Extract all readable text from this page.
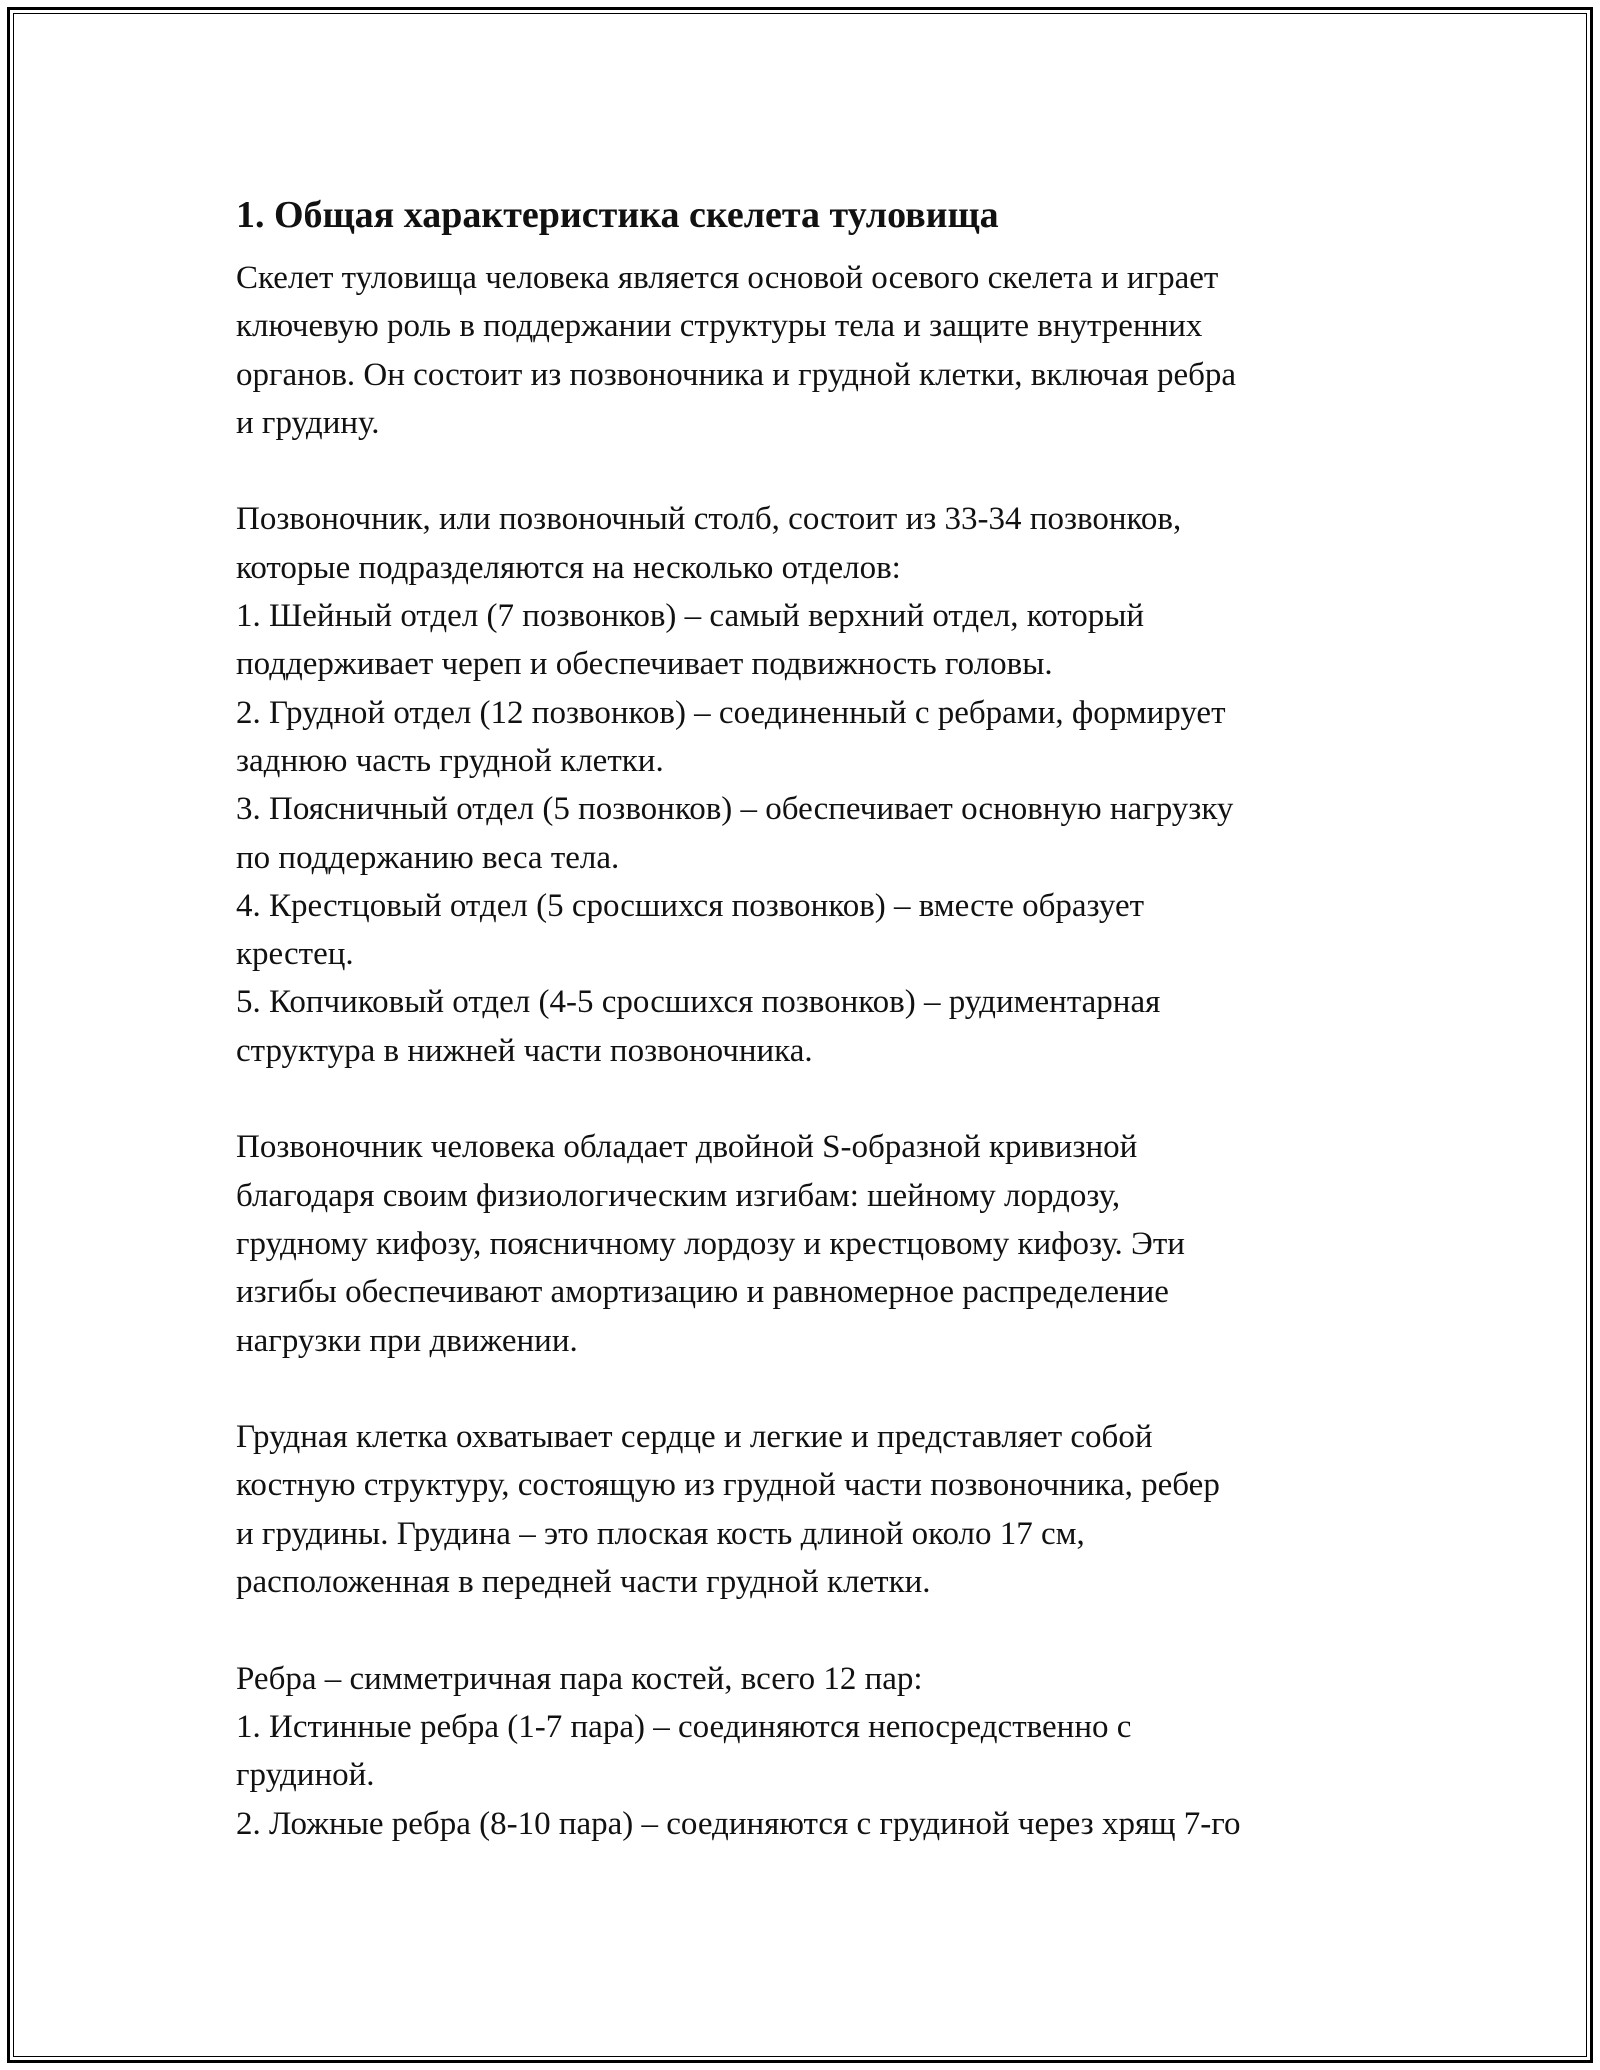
1. Общая характеристика скелета туловища
Скелет туловища человека является основой осевого скелета и играет
ключевую роль в поддержании структуры тела и защите внутренних
органов. Он состоит из позвоночника и грудной клетки, включая ребра
и грудину.
Позвоночник, или позвоночный столб, состоит из 33-34 позвонков,
которые подразделяются на несколько отделов:
1. Шейный отдел (7 позвонков) – самый верхний отдел, который
поддерживает череп и обеспечивает подвижность головы.
2. Грудной отдел (12 позвонков) – соединенный с ребрами, формирует
заднюю часть грудной клетки.
3. Поясничный отдел (5 позвонков) – обеспечивает основную нагрузку
по поддержанию веса тела.
4. Крестцовый отдел (5 сросшихся позвонков) – вместе образует
крестец.
5. Копчиковый отдел (4-5 сросшихся позвонков) – рудиментарная
структура в нижней части позвоночника.
Позвоночник человека обладает двойной S-образной кривизной
благодаря своим физиологическим изгибам: шейному лордозу,
грудному кифозу, поясничному лордозу и крестцовому кифозу. Эти
изгибы обеспечивают амортизацию и равномерное распределение
нагрузки при движении.
Грудная клетка охватывает сердце и легкие и представляет собой
костную структуру, состоящую из грудной части позвоночника, ребер
и грудины. Грудина – это плоская кость длиной около 17 см,
расположенная в передней части грудной клетки.
Ребра – симметричная пара костей, всего 12 пар:
1. Истинные ребра (1-7 пара) – соединяются непосредственно с
грудиной.
2. Ложные ребра (8-10 пара) – соединяются с грудиной через хрящ 7-го
